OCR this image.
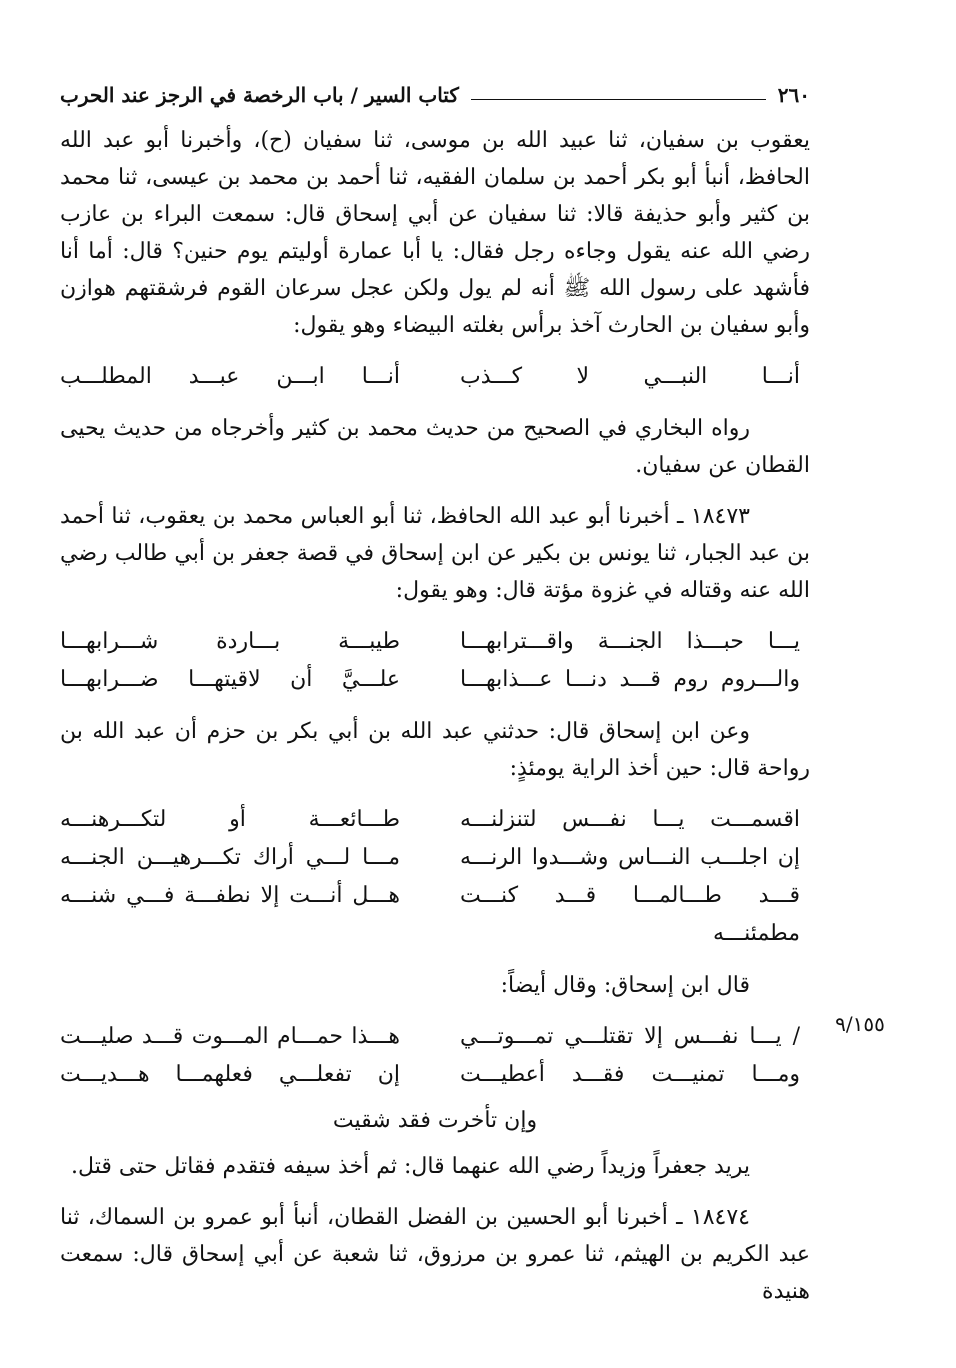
٢٦٠
كتاب السير / باب الرخصة في الرجز عند الحرب

يعقوب بن سفيان، ثنا عبيد الله بن موسى، ثنا سفيان (ح)، وأخبرنا أبو عبد الله الحافظ، أنبأ أبو بكر أحمد بن سلمان الفقيه، ثنا أحمد بن محمد بن عيسى، ثنا محمد بن كثير وأبو حذيفة قالا: ثنا سفيان عن أبي إسحاق قال: سمعت البراء بن عازب رضي الله عنه يقول وجاءه رجل فقال: يا أبا عمارة أوليتم يوم حنين؟ قال: أما أنا فأشهد على رسول الله ﷺ أنه لم يول ولكن عجل سرعان القوم فرشقتهم هوازن وأبو سفيان بن الحارث آخذ برأس بغلته البيضاء وهو يقول:

أنـــا النبـــي لا كـــذب
أنـــا ابـــن عبـــد المطلـــب

رواه البخاري في الصحيح من حديث محمد بن كثير وأخرجاه من حديث يحيى القطان عن سفيان.

١٨٤٧٣ ـ أخبرنا أبو عبد الله الحافظ، ثنا أبو العباس محمد بن يعقوب، ثنا أحمد بن عبد الجبار، ثنا يونس بن بكير عن ابن إسحاق في قصة جعفر بن أبي طالب رضي الله عنه وقتاله في غزوة مؤتة قال: وهو يقول:

يـــا حبـــذا الجنـــة واقـــترابهـــا
طيبـــة بـــاردة شـــرابهـــا
والـــروم روم قـــد دنـــا عـــذابهـــا
علـــيَّ أن لاقيتهـــا ضـــرابهـــا

وعن ابن إسحاق قال: حدثني عبد الله بن أبي بكر بن حزم أن عبد الله بن رواحة قال: حين أخذ الراية يومئذٍ:

اقسمـــت يـــا نفـــس لتنزلنـــه
طـــائعـــة أو لتكـــرهنـــه
إن اجلـــب النـــاس وشـــدوا الرنـــه
مـــا لـــي أراك تكـــرهيـــن الجنـــه
قـــد طـــالمـــا قـــد كنـــت مطمئنـــه
هـــل أنـــت إلا نطفـــة فـــي شنـــه

قال ابن إسحاق: وقال أيضاً:

/ يـــا نفـــس إلا تقتلـــي تمـــوتـــي
هـــذا حمـــام المـــوت قـــد صليـــت
ومـــا تمنيـــت فقـــد أعطيـــت
إن تفعلـــي فعلهمـــا هـــديـــت
وإن تأخرت فقد شقيت

يريد جعفراً وزيداً رضي الله عنهما قال: ثم أخذ سيفه فتقدم فقاتل حتى قتل.

١٨٤٧٤ ـ أخبرنا أبو الحسين بن الفضل القطان، أنبأ أبو عمرو بن السماك، ثنا عبد الكريم بن الهيثم، ثنا عمرو بن مرزوق، ثنا شعبة عن أبي إسحاق قال: سمعت هنيدة

٩/١٥٥
